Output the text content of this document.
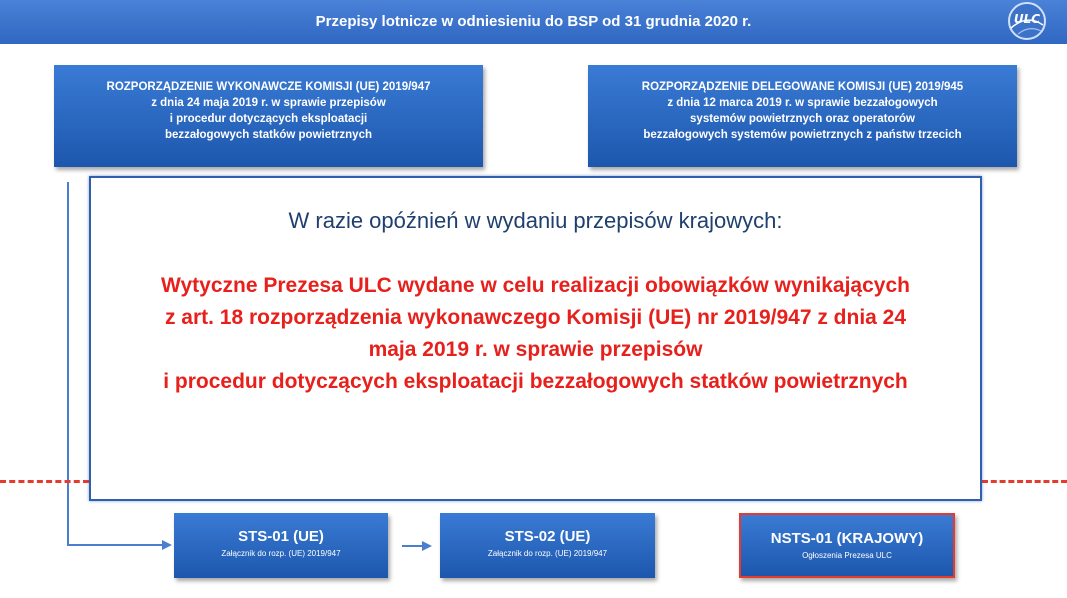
Przepisy lotnicze w odniesieniu do BSP od 31 grudnia 2020 r.	ULC
ROZPORZĄDZENIE WYKONAWCZE KOMISJI (UE) 2019/947
z dnia 24 maja 2019 r. w sprawie przepisów
i procedur dotyczących eksploatacji
bezzałogowych statków powietrznych
ROZPORZĄDZENIE DELEGOWANE KOMISJI (UE) 2019/945
z dnia 12 marca 2019 r. w sprawie bezzałogowych
systemów powietrznych oraz operatorów
bezzałogowych systemów powietrznych z państw trzecich
W razie opóźnień w wydaniu przepisów krajowych:
Wytyczne Prezesa ULC wydane w celu realizacji obowiązków wynikających
z art. 18 rozporządzenia wykonawczego Komisji (UE) nr 2019/947 z dnia 24
maja 2019 r. w sprawie przepisów
i procedur dotyczących eksploatacji bezzałogowych statków powietrznych
STS-01 (UE)
Załącznik do rozp. (UE) 2019/947
STS-02 (UE)
Załącznik do rozp. (UE) 2019/947
NSTS-01 (KRAJOWY)
Ogłoszenia Prezesa ULC
